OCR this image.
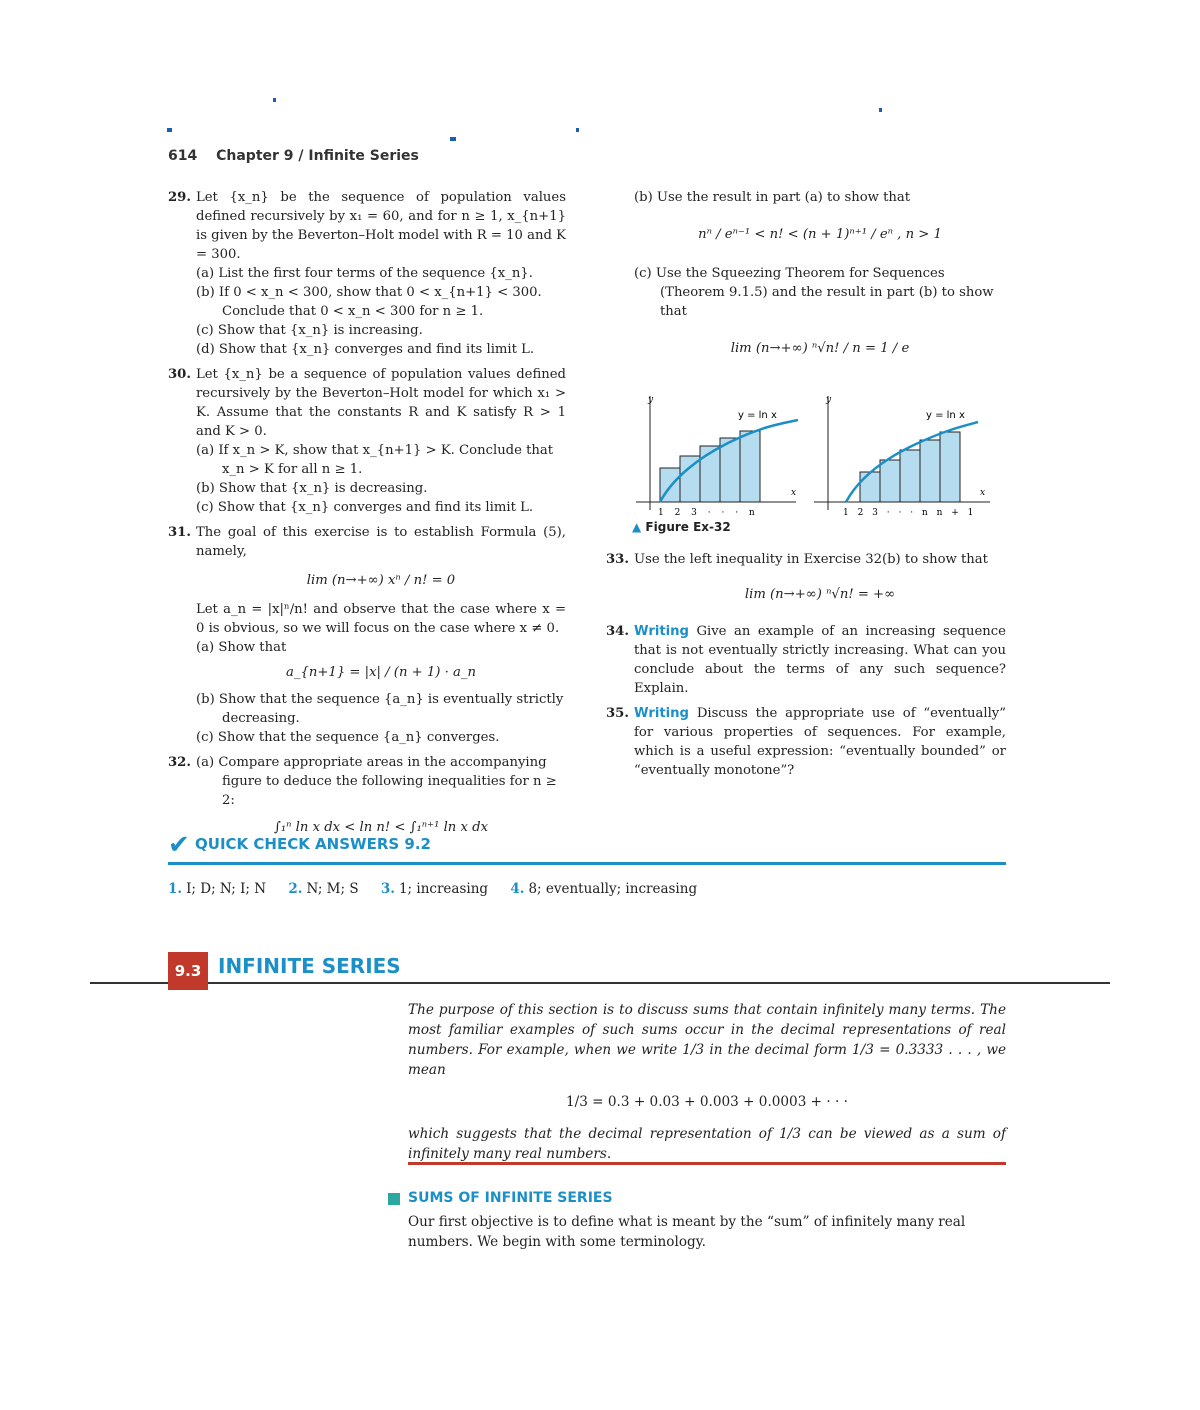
614 Chapter 9 / Infinite Series
29. Let {x_n} be the sequence of population values defined recursively by x₁ = 60, and for n ≥ 1, x_{n+1} is given by the Beverton–Holt model with R = 10 and K = 300.
(a) List the first four terms of the sequence {x_n}.
(b) If 0 < x_n < 300, show that 0 < x_{n+1} < 300. Conclude that 0 < x_n < 300 for n ≥ 1.
(c) Show that {x_n} is increasing.
(d) Show that {x_n} converges and find its limit L.
30. Let {x_n} be a sequence of population values defined recursively by the Beverton–Holt model for which x₁ > K. Assume that the constants R and K satisfy R > 1 and K > 0.
(a) If x_n > K, show that x_{n+1} > K. Conclude that x_n > K for all n ≥ 1.
(b) Show that {x_n} is decreasing.
(c) Show that {x_n} converges and find its limit L.
31. The goal of this exercise is to establish Formula (5), namely,
lim (n→+∞) xⁿ / n! = 0
Let a_n = |x|ⁿ/n! and observe that the case where x = 0 is obvious, so we will focus on the case where x ≠ 0.
(a) Show that
a_{n+1} = |x| / (n + 1) · a_n
(b) Show that the sequence {a_n} is eventually strictly decreasing.
(c) Show that the sequence {a_n} converges.
32. (a) Compare appropriate areas in the accompanying figure to deduce the following inequalities for n ≥ 2:
∫₁ⁿ ln x dx < ln n! < ∫₁ⁿ⁺¹ ln x dx
(b) Use the result in part (a) to show that
nⁿ / eⁿ⁻¹ < n! < (n + 1)ⁿ⁺¹ / eⁿ , n > 1
(c) Use the Squeezing Theorem for Sequences (Theorem 9.1.5) and the result in part (b) to show that
lim (n→+∞) ⁿ√n! / n = 1 / e
y
x
y = ln x
1 2 3 · · · n
y
x
y = ln x
1 2 3 · · · n n + 1
▲ Figure Ex-32
33. Use the left inequality in Exercise 32(b) to show that
lim (n→+∞) ⁿ√n! = +∞
34. Writing Give an example of an increasing sequence that is not eventually strictly increasing. What can you conclude about the terms of any such sequence? Explain.
35. Writing Discuss the appropriate use of “eventually” for various properties of sequences. For example, which is a useful expression: “eventually bounded” or “eventually monotone”?
✔ QUICK CHECK ANSWERS 9.2
1. I; D; N; I; N 2. N; M; S 3. 1; increasing 4. 8; eventually; increasing
9.3 INFINITE SERIES
The purpose of this section is to discuss sums that contain infinitely many terms. The most familiar examples of such sums occur in the decimal representations of real numbers. For example, when we write 1/3 in the decimal form 1/3 = 0.3333 . . . , we mean
1/3 = 0.3 + 0.03 + 0.003 + 0.0003 + · · ·
which suggests that the decimal representation of 1/3 can be viewed as a sum of infinitely many real numbers.
SUMS OF INFINITE SERIES
Our first objective is to define what is meant by the “sum” of infinitely many real numbers. We begin with some terminology.
